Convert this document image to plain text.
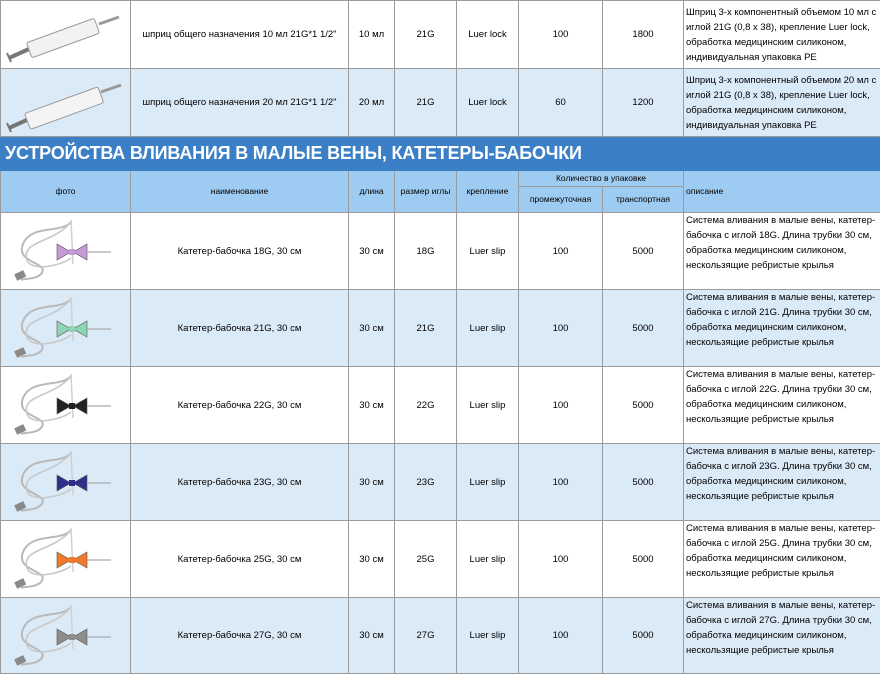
	шприц общего назначения 10 мл 21G*1 1/2"	10 мл	21G	Luer lock	100	1800	Шприц 3-х компонентный объемом 10 мл с иглой 21G (0,8 х 38), крепление Luer lock, обработка медицинским силиконом, индивидуальная упаковка PE

	шприц общего назначения 20 мл 21G*1 1/2"	20 мл	21G	Luer lock	60	1200	Шприц 3-х компонентный объемом 20 мл с иглой 21G (0,8 х 38), крепление Luer lock, обработка медицинским силиконом, индивидуальная упаковка PE
УСТРОЙСТВА ВЛИВАНИЯ В МАЛЫЕ ВЕНЫ, КАТЕТЕРЫ-БАБОЧКИ							
фото	наименование	длина	размер иглы	крепление	Количество в упаковке		описание
					промежуточная	транспортная	

	Катетер-бабочка 18G, 30 см	30 см	18G	Luer slip	100	5000	Система вливания в малые вены, катетер-бабочка с иглой 18G. Длина трубки 30 см, обработка медицинским силиконом, нескользящие ребристые крылья

	Катетер-бабочка 21G, 30 см	30 см	21G	Luer slip	100	5000	Система вливания в малые вены, катетер-бабочка с иглой 21G. Длина трубки 30 см, обработка медицинским силиконом, нескользящие ребристые крылья

	Катетер-бабочка 22G, 30 см	30 см	22G	Luer slip	100	5000	Система вливания в малые вены, катетер-бабочка с иглой 22G. Длина трубки 30 см, обработка медицинским силиконом, нескользящие ребристые крылья

	Катетер-бабочка 23G, 30 см	30 см	23G	Luer slip	100	5000	Система вливания в малые вены, катетер-бабочка с иглой 23G. Длина трубки 30 см, обработка медицинским силиконом, нескользящие ребристые крылья

	Катетер-бабочка 25G, 30 см	30 см	25G	Luer slip	100	5000	Система вливания в малые вены, катетер-бабочка с иглой 25G. Длина трубки 30 см, обработка медицинским силиконом, нескользящие ребристые крылья

	Катетер-бабочка 27G, 30 см	30 см	27G	Luer slip	100	5000	Система вливания в малые вены, катетер-бабочка с иглой 27G. Длина трубки 30 см, обработка медицинским силиконом, нескользящие ребристые крылья
